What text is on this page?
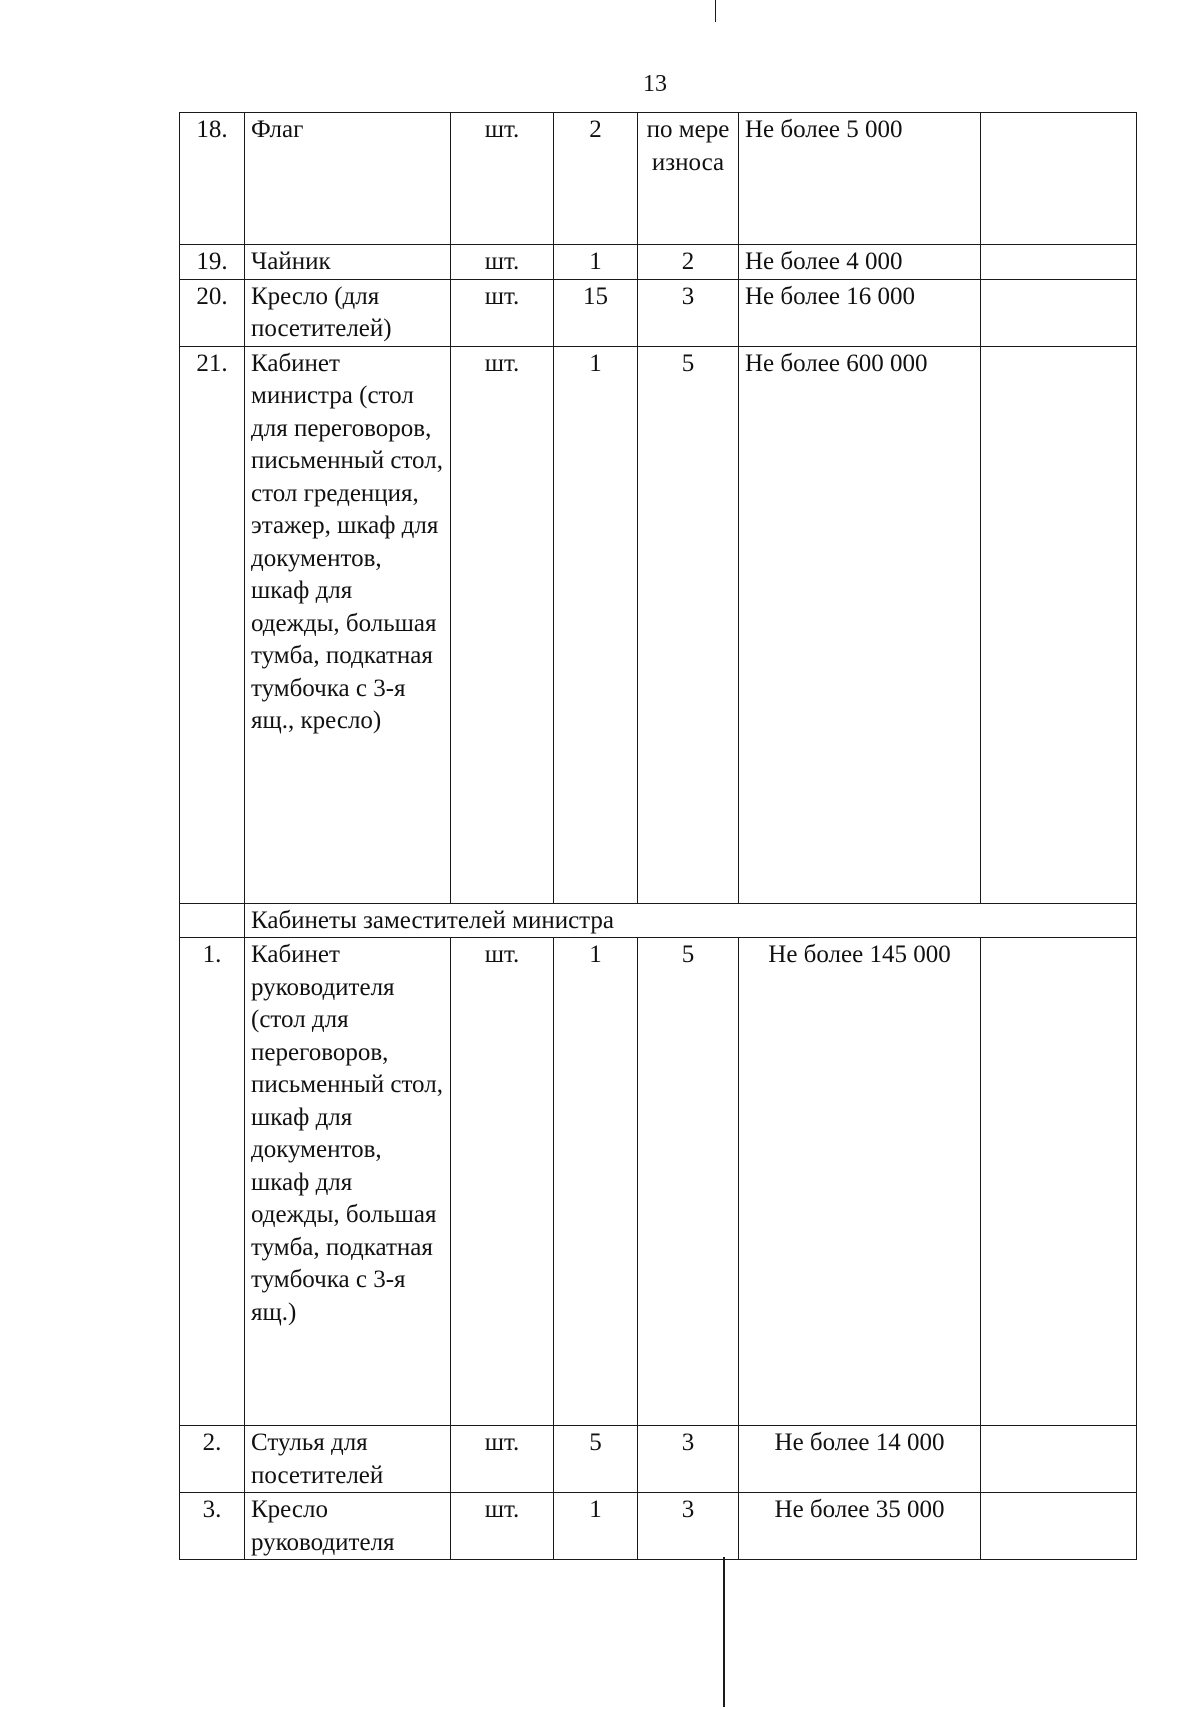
13
18.	Флаг	шт.	2	по мере износа	Не более 5 000	
19.	Чайник	шт.	1	2	Не более 4 000	
20.	Кресло (для посетителей)	шт.	15	3	Не более 16 000	
21.	Кабинет министра (стол для переговоров, письменный стол, стол греденция, этажер, шкаф для документов, шкаф для одежды, большая тумба, подкатная тумбочка с 3-я ящ., кресло)	шт.	1	5	Не более 600 000	
	Кабинеты заместителей министра					
1.	Кабинет руководителя (стол для переговоров, письменный стол, шкаф для документов, шкаф для одежды, большая тумба, подкатная тумбочка с 3-я ящ.)	шт.	1	5	Не более 145 000	
2.	Стулья для посетителей	шт.	5	3	Не более 14 000	
3.	Кресло руководителя	шт.	1	3	Не более 35 000	
